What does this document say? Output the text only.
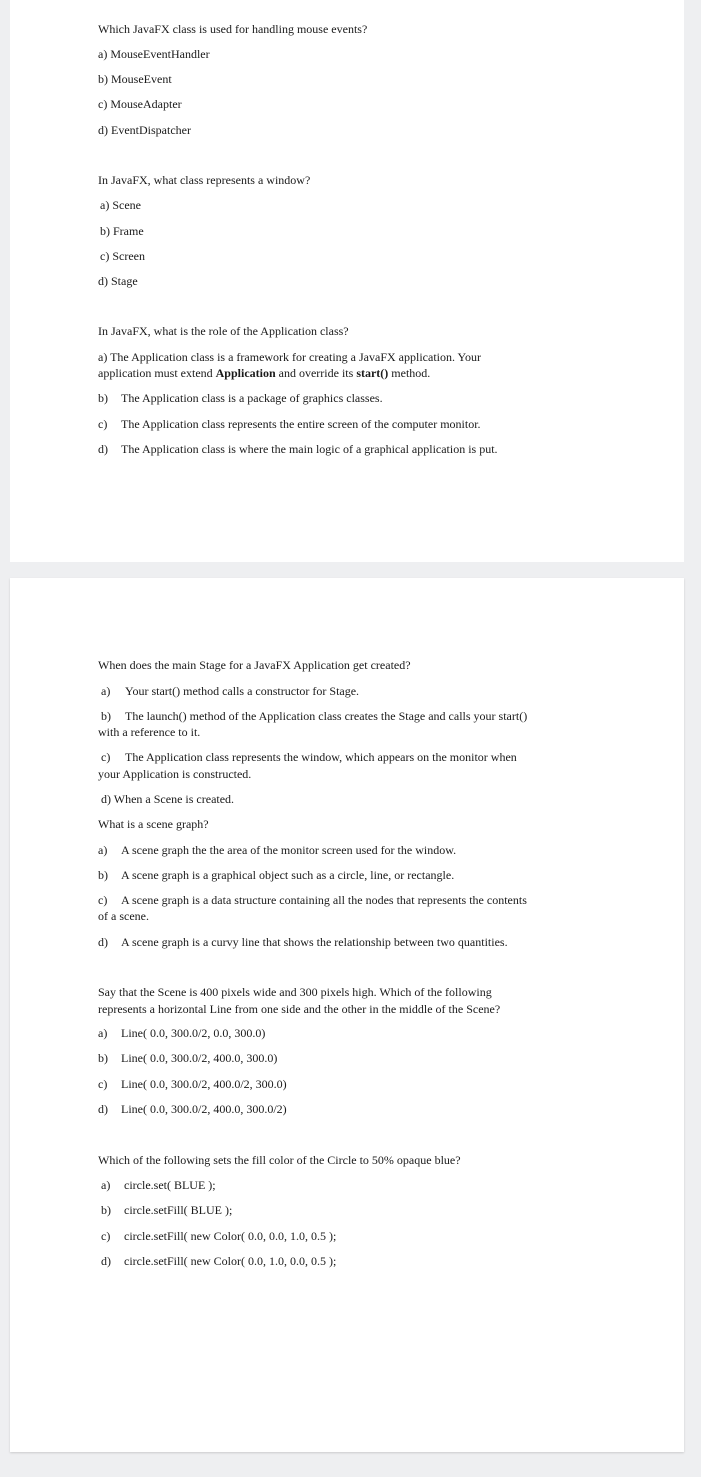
Which JavaFX class is used for handling mouse events?
a) MouseEventHandler
b) MouseEvent
c) MouseAdapter
d) EventDispatcher
In JavaFX, what class represents a window?
a) Scene
b) Frame
c) Screen
d) Stage
In JavaFX, what is the role of the Application class?
a) The Application class is a framework for creating a JavaFX application. Your
application must extend Application and override its start() method.
b) The Application class is a package of graphics classes.
c) The Application class represents the entire screen of the computer monitor.
d) The Application class is where the main logic of a graphical application is put.
When does the main Stage for a JavaFX Application get created?
a) Your start() method calls a constructor for Stage.
b) The launch() method of the Application class creates the Stage and calls your start()
with a reference to it.
c) The Application class represents the window, which appears on the monitor when
your Application is constructed.
d) When a Scene is created.
What is a scene graph?
a) A scene graph the the area of the monitor screen used for the window.
b) A scene graph is a graphical object such as a circle, line, or rectangle.
c) A scene graph is a data structure containing all the nodes that represents the contents
of a scene.
d) A scene graph is a curvy line that shows the relationship between two quantities.
Say that the Scene is 400 pixels wide and 300 pixels high. Which of the following
represents a horizontal Line from one side and the other in the middle of the Scene?
a) Line( 0.0, 300.0/2, 0.0, 300.0)
b) Line( 0.0, 300.0/2, 400.0, 300.0)
c) Line( 0.0, 300.0/2, 400.0/2, 300.0)
d) Line( 0.0, 300.0/2, 400.0, 300.0/2)
Which of the following sets the fill color of the Circle to 50% opaque blue?
a) circle.set( BLUE );
b) circle.setFill( BLUE );
c) circle.setFill( new Color( 0.0, 0.0, 1.0, 0.5 );
d) circle.setFill( new Color( 0.0, 1.0, 0.0, 0.5 );
